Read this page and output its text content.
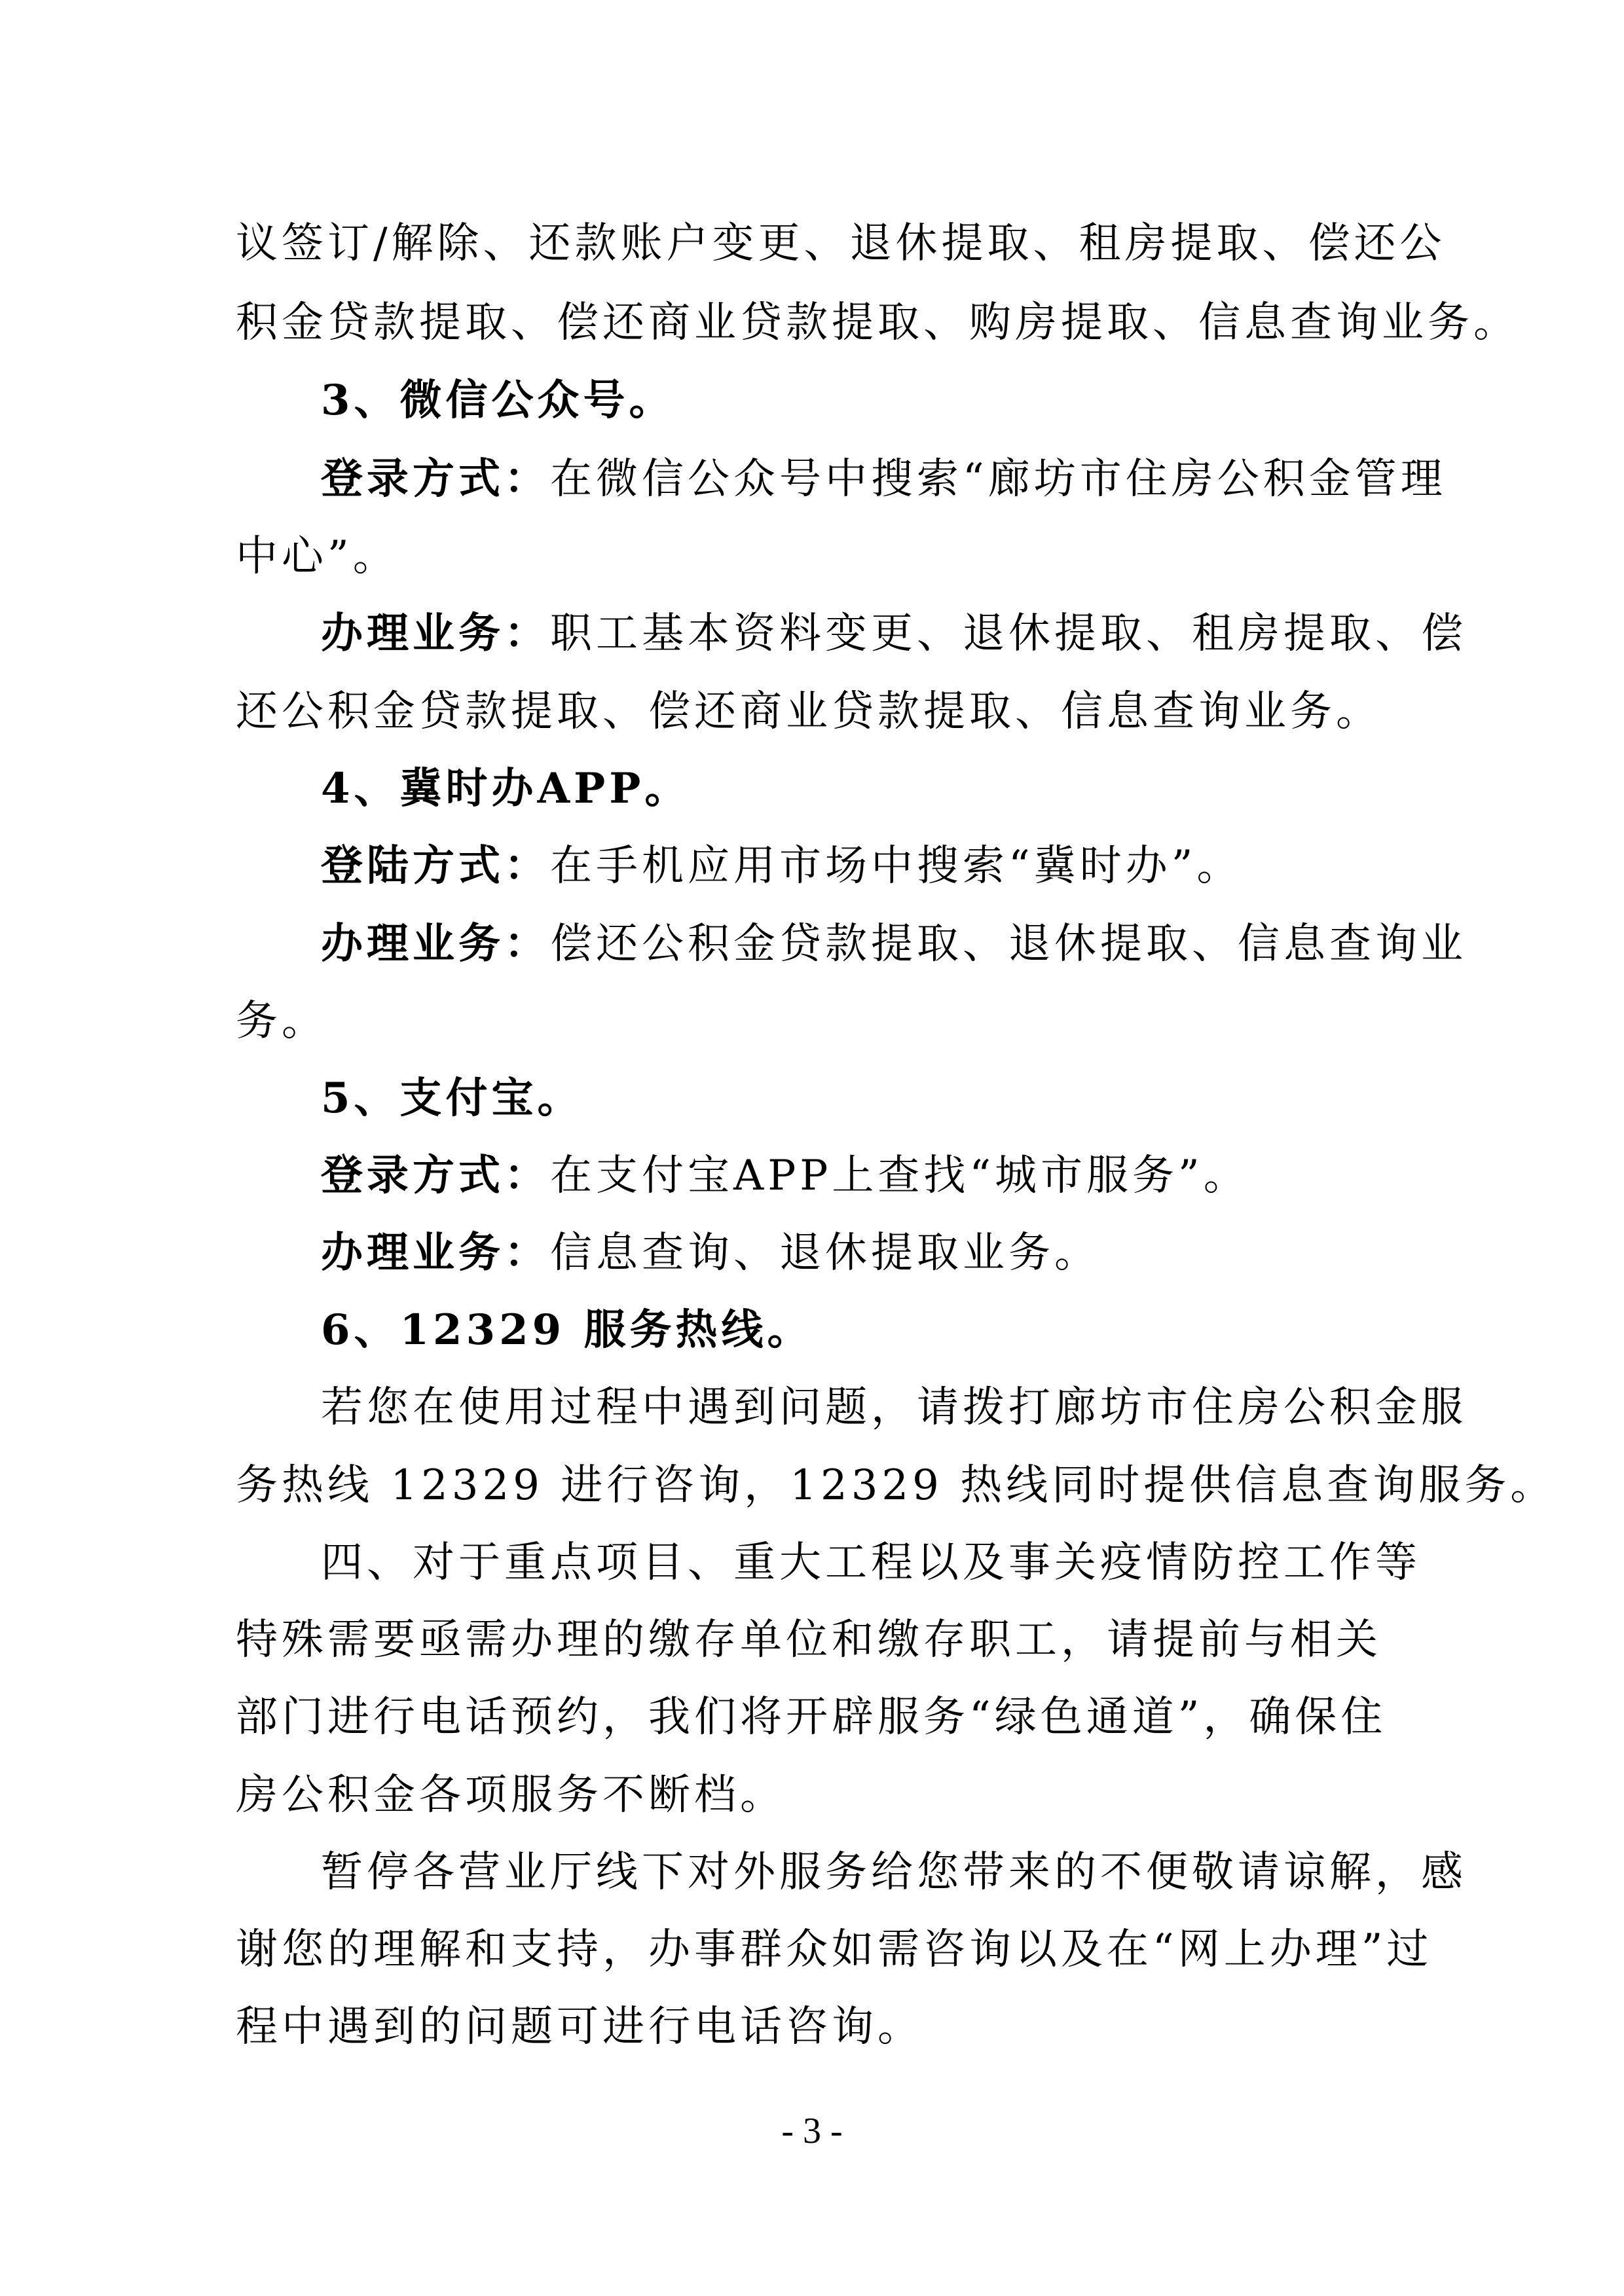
议签订/解除、还款账户变更、退休提取、租房提取、偿还公
积金贷款提取、偿还商业贷款提取、购房提取、信息查询业务。
3、微信公众号。
登录方式：在微信公众号中搜索“廊坊市住房公积金管理
中心”。
办理业务：职工基本资料变更、退休提取、租房提取、偿
还公积金贷款提取、偿还商业贷款提取、信息查询业务。
4、冀时办APP。
登陆方式：在手机应用市场中搜索“冀时办”。
办理业务：偿还公积金贷款提取、退休提取、信息查询业
务。
5、支付宝。
登录方式：在支付宝APP上查找“城市服务”。
办理业务：信息查询、退休提取业务。
6、12329 服务热线。
若您在使用过程中遇到问题，请拨打廊坊市住房公积金服
务热线 12329 进行咨询，12329 热线同时提供信息查询服务。
四、对于重点项目、重大工程以及事关疫情防控工作等
特殊需要亟需办理的缴存单位和缴存职工，请提前与相关
部门进行电话预约，我们将开辟服务“绿色通道”，确保住
房公积金各项服务不断档。
暂停各营业厅线下对外服务给您带来的不便敬请谅解，感
谢您的理解和支持，办事群众如需咨询以及在“网上办理”过
程中遇到的问题可进行电话咨询。
- 3 -
